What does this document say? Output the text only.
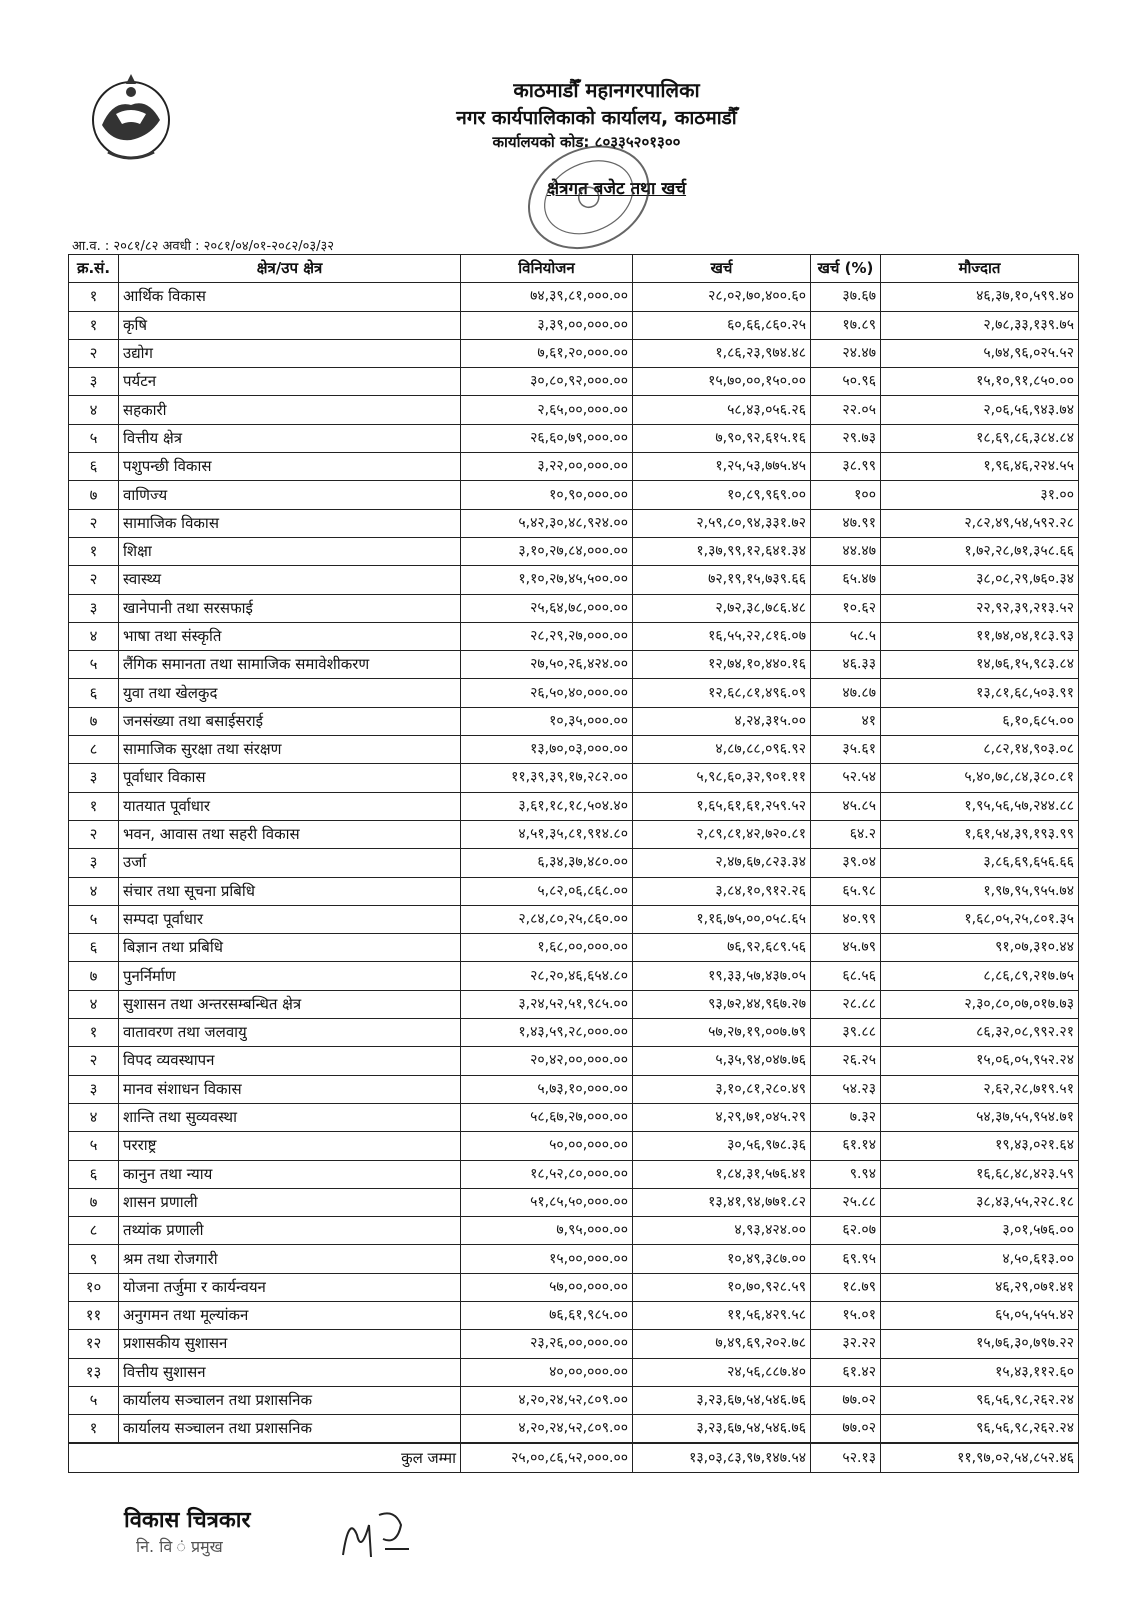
काठमाडौँ महानगरपालिका
नगर कार्यपालिकाको कार्यालय, काठमाडौँ
कार्यालयको कोड: ८०३३५२०१३००
क्षेत्रगत बजेट तथा खर्च
आ.व. : २०८१/८२ अवधी : २०८१/०४/०१-२०८२/०३/३२
क्र.सं.	क्षेत्र/उप क्षेत्र	विनियोजन	खर्च	खर्च (%)	मौज्दात
१	आर्थिक विकास	७४,३९,८१,०००.००	२८,०२,७०,४००.६०	३७.६७	४६,३७,१०,५९९.४०
१	कृषि	३,३९,००,०००.००	६०,६६,८६०.२५	१७.८९	२,७८,३३,१३९.७५
२	उद्योग	७,६१,२०,०००.००	१,८६,२३,९७४.४८	२४.४७	५,७४,९६,०२५.५२
३	पर्यटन	३०,८०,९२,०००.००	१५,७०,००,१५०.००	५०.९६	१५,१०,९१,८५०.००
४	सहकारी	२,६५,००,०००.००	५८,४३,०५६.२६	२२.०५	२,०६,५६,९४३.७४
५	वित्तीय क्षेत्र	२६,६०,७९,०००.००	७,९०,९२,६१५.१६	२९.७३	१८,६९,८६,३८४.८४
६	पशुपन्छी विकास	३,२२,००,०००.००	१,२५,५३,७७५.४५	३८.९९	१,९६,४६,२२४.५५
७	वाणिज्य	१०,९०,०००.००	१०,८९,९६९.००	१००	३१.००
२	सामाजिक विकास	५,४२,३०,४८,९२४.००	२,५९,८०,९४,३३१.७२	४७.९१	२,८२,४९,५४,५९२.२८
१	शिक्षा	३,१०,२७,८४,०००.००	१,३७,९९,१२,६४१.३४	४४.४७	१,७२,२८,७१,३५८.६६
२	स्वास्थ्य	१,१०,२७,४५,५००.००	७२,१९,१५,७३९.६६	६५.४७	३८,०८,२९,७६०.३४
३	खानेपानी तथा सरसफाई	२५,६४,७८,०००.००	२,७२,३८,७८६.४८	१०.६२	२२,९२,३९,२१३.५२
४	भाषा तथा संस्कृति	२८,२९,२७,०००.००	१६,५५,२२,८१६.०७	५८.५	११,७४,०४,१८३.९३
५	लैंगिक समानता तथा सामाजिक समावेशीकरण	२७,५०,२६,४२४.००	१२,७४,१०,४४०.१६	४६.३३	१४,७६,१५,९८३.८४
६	युवा तथा खेलकुद	२६,५०,४०,०००.००	१२,६८,८१,४९६.०९	४७.८७	१३,८१,६८,५०३.९१
७	जनसंख्या तथा बसाईसराई	१०,३५,०००.००	४,२४,३१५.००	४१	६,१०,६८५.००
८	सामाजिक सुरक्षा तथा संरक्षण	१३,७०,०३,०००.००	४,८७,८८,०९६.९२	३५.६१	८,८२,१४,९०३.०८
३	पूर्वाधार विकास	११,३९,३९,१७,२८२.००	५,९८,६०,३२,९०१.११	५२.५४	५,४०,७८,८४,३८०.८१
१	यातयात पूर्वाधार	३,६१,१८,१८,५०४.४०	१,६५,६१,६१,२५९.५२	४५.८५	१,९५,५६,५७,२४४.८८
२	भवन, आवास तथा सहरी विकास	४,५१,३५,८१,९१४.८०	२,८९,८१,४२,७२०.८१	६४.२	१,६१,५४,३९,१९३.९९
३	उर्जा	६,३४,३७,४८०.००	२,४७,६७,८२३.३४	३९.०४	३,८६,६९,६५६.६६
४	संचार तथा सूचना प्रबिधि	५,८२,०६,८६८.००	३,८४,१०,९१२.२६	६५.९८	१,९७,९५,९५५.७४
५	सम्पदा पूर्वाधार	२,८४,८०,२५,८६०.००	१,१६,७५,००,०५८.६५	४०.९९	१,६८,०५,२५,८०१.३५
६	बिज्ञान तथा प्रबिधि	१,६८,००,०००.००	७६,९२,६८९.५६	४५.७९	९१,०७,३१०.४४
७	पुनर्निर्माण	२८,२०,४६,६५४.८०	१९,३३,५७,४३७.०५	६८.५६	८,८६,८९,२१७.७५
४	सुशासन तथा अन्तरसम्बन्धित क्षेत्र	३,२४,५२,५१,९८५.००	९३,७२,४४,९६७.२७	२८.८८	२,३०,८०,०७,०१७.७३
१	वातावरण तथा जलवायु	१,४३,५९,२८,०००.००	५७,२७,१९,००७.७९	३९.८८	८६,३२,०८,९९२.२१
२	विपद व्यवस्थापन	२०,४२,००,०००.००	५,३५,९४,०४७.७६	२६.२५	१५,०६,०५,९५२.२४
३	मानव संशाधन विकास	५,७३,१०,०००.००	३,१०,८१,२८०.४९	५४.२३	२,६२,२८,७१९.५१
४	शान्ति तथा सुव्यवस्था	५८,६७,२७,०००.००	४,२९,७१,०४५.२९	७.३२	५४,३७,५५,९५४.७१
५	परराष्ट्र	५०,००,०००.००	३०,५६,९७८.३६	६१.१४	१९,४३,०२१.६४
६	कानुन तथा न्याय	१८,५२,८०,०००.००	१,८४,३१,५७६.४१	९.९४	१६,६८,४८,४२३.५९
७	शासन प्रणाली	५१,८५,५०,०००.००	१३,४१,९४,७७१.८२	२५.८८	३८,४३,५५,२२८.१८
८	तथ्यांक प्रणाली	७,९५,०००.००	४,९३,४२४.००	६२.०७	३,०१,५७६.००
९	श्रम तथा रोजगारी	१५,००,०००.००	१०,४९,३८७.००	६९.९५	४,५०,६१३.००
१०	योजना तर्जुमा र कार्यन्वयन	५७,००,०००.००	१०,७०,९२८.५९	१८.७९	४६,२९,०७१.४१
११	अनुगमन तथा मूल्यांकन	७६,६१,९८५.००	११,५६,४२९.५८	१५.०१	६५,०५,५५५.४२
१२	प्रशासकीय सुशासन	२३,२६,००,०००.००	७,४९,६९,२०२.७८	३२.२२	१५,७६,३०,७९७.२२
१३	वित्तीय सुशासन	४०,००,०००.००	२४,५६,८८७.४०	६१.४२	१५,४३,११२.६०
५	कार्यालय सञ्चालन तथा प्रशासनिक	४,२०,२४,५२,८०९.००	३,२३,६७,५४,५४६.७६	७७.०२	९६,५६,९८,२६२.२४
१	कार्यालय सञ्चालन तथा प्रशासनिक	४,२०,२४,५२,८०९.००	३,२३,६७,५४,५४६.७६	७७.०२	९६,५६,९८,२६२.२४
कुल जम्मा		२५,००,८६,५२,०००.००	१३,०३,८३,९७,१४७.५४	५२.१३	११,९७,०२,५४,८५२.४६
विकास चित्रकार
नि. वि ं प्रमुख
